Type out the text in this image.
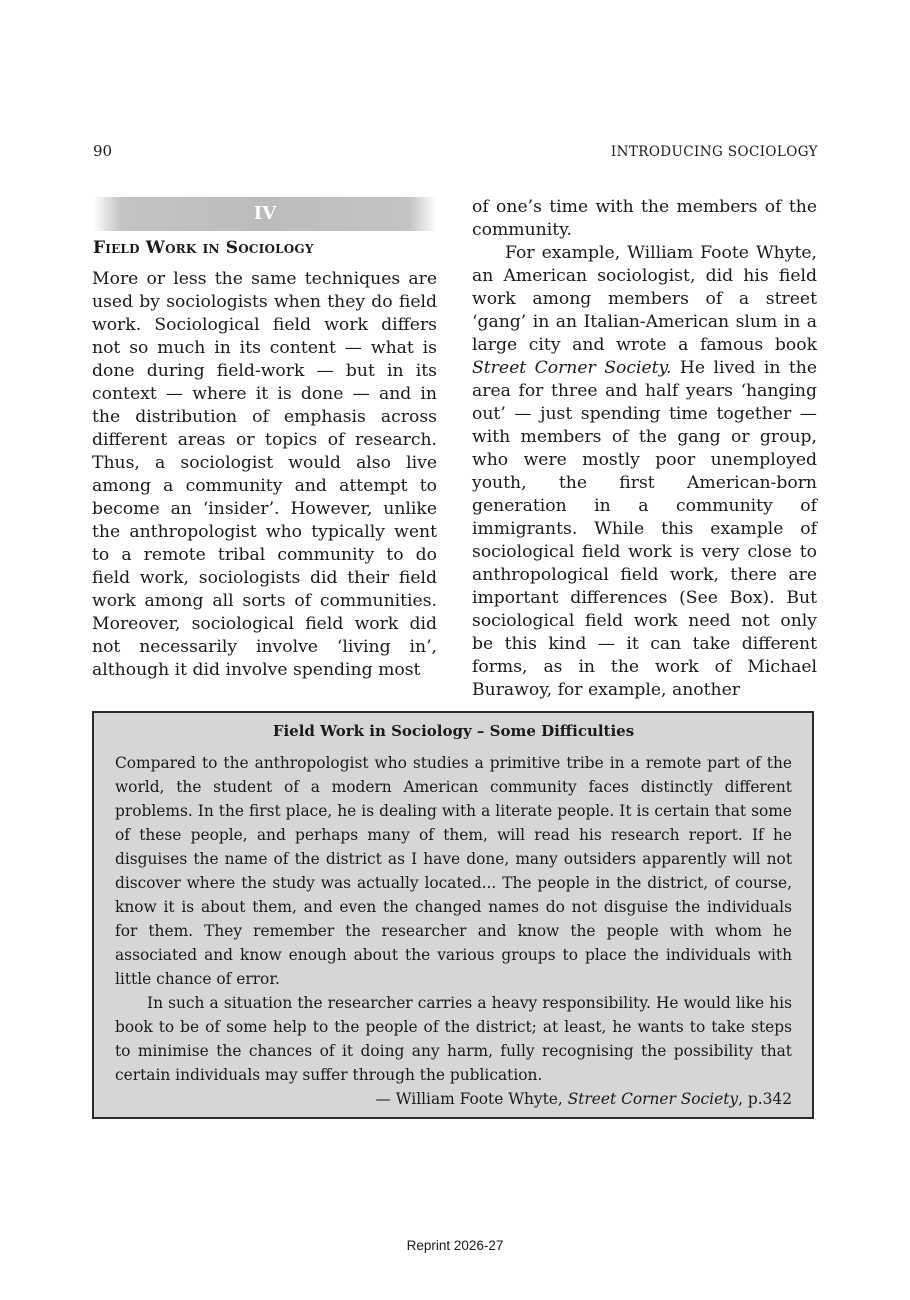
90	INTRODUCING SOCIOLOGY
IV
Field Work in Sociology

More or less the same techniques are used by sociologists when they do field work. Sociological field work differs not so much in its content — what is done during field-work — but in its context — where it is done — and in the distribution of emphasis across different areas or topics of research. Thus, a sociologist would also live among a community and attempt to become an ‘insider’. However, unlike the anthropologist who typically went to a remote tribal community to do field work, sociologists did their field work among all sorts of communities. Moreover, sociological field work did not necessarily involve ‘living in’, although it did involve spending most

of one’s time with the members of the community.

For example, William Foote Whyte, an American sociologist, did his field work among members of a street ‘gang’ in an Italian-American slum in a large city and wrote a famous book Street Corner Society. He lived in the area for three and half years ‘hanging out’ — just spending time together — with members of the gang or group, who were mostly poor unemployed youth, the first American-born generation in a community of immigrants. While this example of sociological field work is very close to anthropological field work, there are important differences (See Box). But sociological field work need not only be this kind — it can take different forms, as in the work of Michael Burawoy, for example, another

Field Work in Sociology – Some Difficulties

Compared to the anthropologist who studies a primitive tribe in a remote part of the world, the student of a modern American community faces distinctly different problems. In the first place, he is dealing with a literate people. It is certain that some of these people, and perhaps many of them, will read his research report. If he disguises the name of the district as I have done, many outsiders apparently will not discover where the study was actually located... The people in the district, of course, know it is about them, and even the changed names do not disguise the individuals for them. They remember the researcher and know the people with whom he associated and know enough about the various groups to place the individuals with little chance of error.

In such a situation the researcher carries a heavy responsibility. He would like his book to be of some help to the people of the district; at least, he wants to take steps to minimise the chances of it doing any harm, fully recognising the possibility that certain individuals may suffer through the publication.

— William Foote Whyte, Street Corner Society, p.342
Reprint 2026-27
